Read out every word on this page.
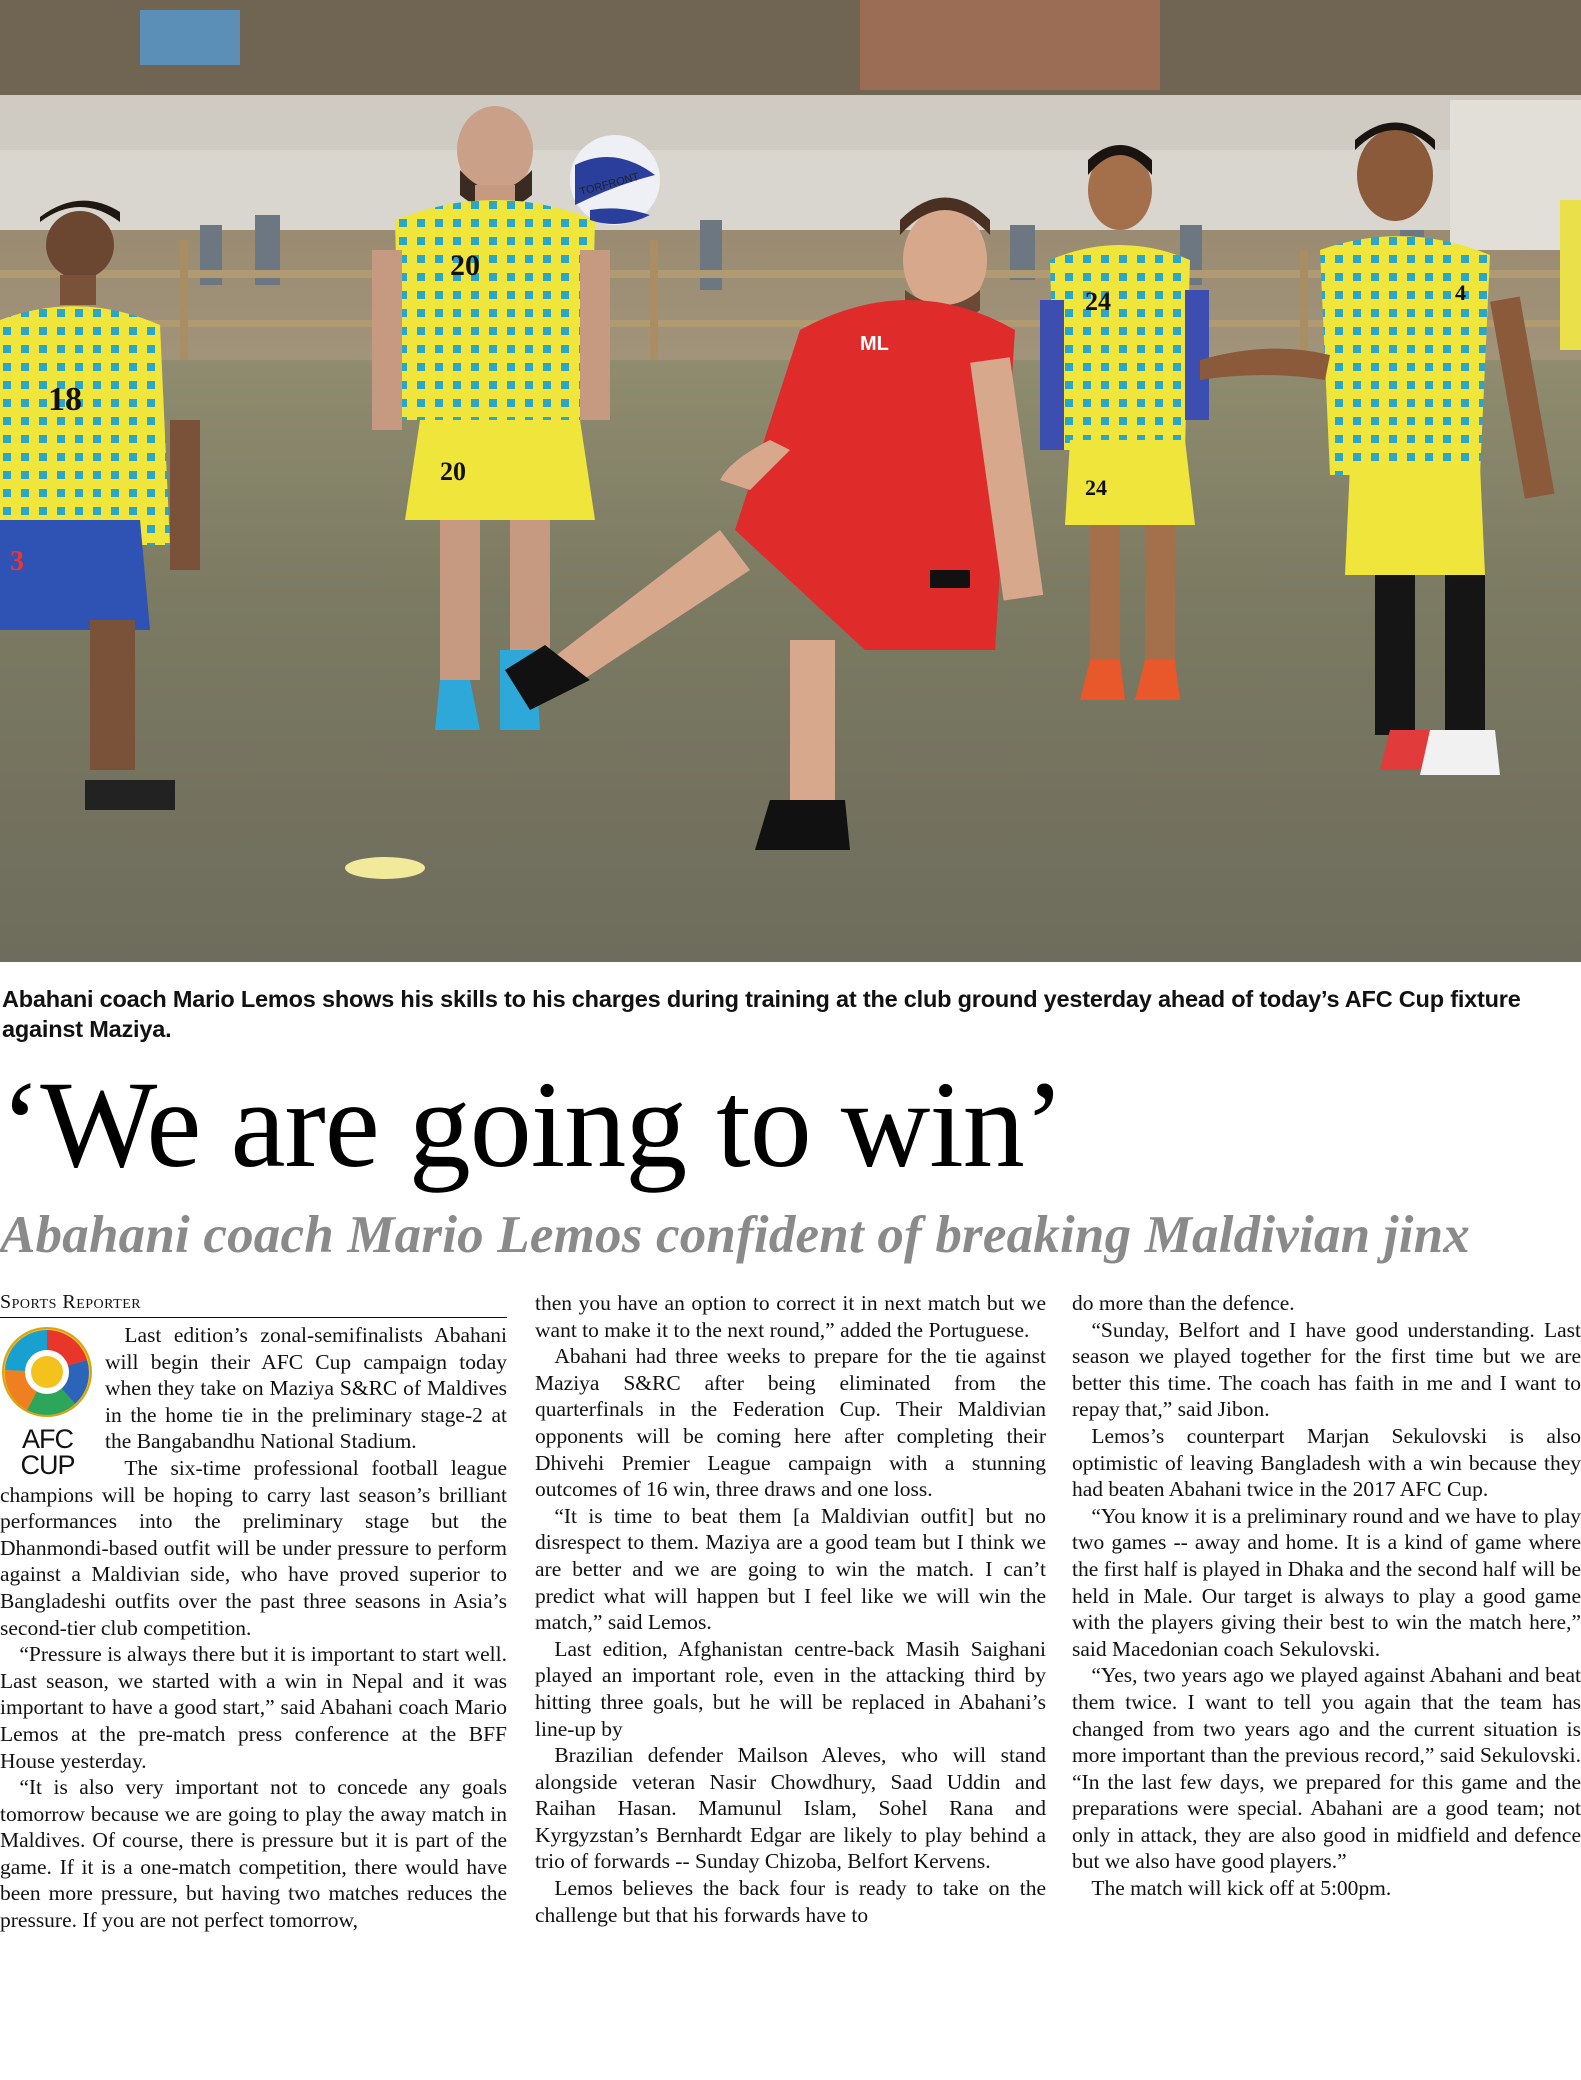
18
3
20
20
TORFRONT
ML
24
24
4
Abahani coach Mario Lemos shows his skills to his charges during training at the club ground yesterday ahead of today’s AFC Cup fixture against Maziya.
‘We are going to win’
Abahani coach Mario Lemos confident of breaking Maldivian jinx
Sports Reporter
AFC
CUP

Last edition’s zonal-semifinalists Abahani will begin their AFC Cup campaign today when they take on Maziya S&RC of Maldives in the home tie in the preliminary stage-2 at the Bangabandhu National Stadium.

The six-time professional football league champions will be hoping to carry last season’s brilliant performances into the preliminary stage but the Dhanmondi-based outfit will be under pressure to perform against a Maldivian side, who have proved superior to Bangladeshi outfits over the past three seasons in Asia’s second-tier club competition.

“Pressure is always there but it is important to start well. Last season, we started with a win in Nepal and it was important to have a good start,” said Abahani coach Mario Lemos at the pre-match press conference at the BFF House yesterday.

“It is also very important not to concede any goals tomorrow because we are going to play the away match in Maldives. Of course, there is pressure but it is part of the game. If it is a one-match competition, there would have been more pressure, but having two matches reduces the pressure. If you are not perfect tomorrow,

then you have an option to correct it in next match but we want to make it to the next round,” added the Portuguese.

Abahani had three weeks to prepare for the tie against Maziya S&RC after being eliminated from the quarterfinals in the Federation Cup. Their Maldivian opponents will be coming here after completing their Dhivehi Premier League campaign with a stunning outcomes of 16 win, three draws and one loss.

“It is time to beat them [a Maldivian outfit] but no disrespect to them. Maziya are a good team but I think we are better and we are going to win the match. I can’t predict what will happen but I feel like we will win the match,” said Lemos.

Last edition, Afghanistan centre-back Masih Saighani played an important role, even in the attacking third by hitting three goals, but he will be replaced in Abahani’s line-up by

Brazilian defender Mailson Aleves, who will stand alongside veteran Nasir Chowdhury, Saad Uddin and Raihan Hasan. Mamunul Islam, Sohel Rana and Kyrgyzstan’s Bernhardt Edgar are likely to play behind a trio of forwards -- Sunday Chizoba, Belfort Kervens.

Lemos believes the back four is ready to take on the challenge but that his forwards have to

do more than the defence.

“Sunday, Belfort and I have good understanding. Last season we played together for the first time but we are better this time. The coach has faith in me and I want to repay that,” said Jibon.

Lemos’s counterpart Marjan Sekulovski is also optimistic of leaving Bangladesh with a win because they had beaten Abahani twice in the 2017 AFC Cup.

“You know it is a preliminary round and we have to play two games -- away and home. It is a kind of game where the first half is played in Dhaka and the second half will be held in Male. Our target is always to play a good game with the players giving their best to win the match here,” said Macedonian coach Sekulovski.

“Yes, two years ago we played against Abahani and beat them twice. I want to tell you again that the team has changed from two years ago and the current situation is more important than the previous record,” said Sekulovski. “In the last few days, we prepared for this game and the preparations were special. Abahani are a good team; not only in attack, they are also good in midfield and defence but we also have good players.”

The match will kick off at 5:00pm.
